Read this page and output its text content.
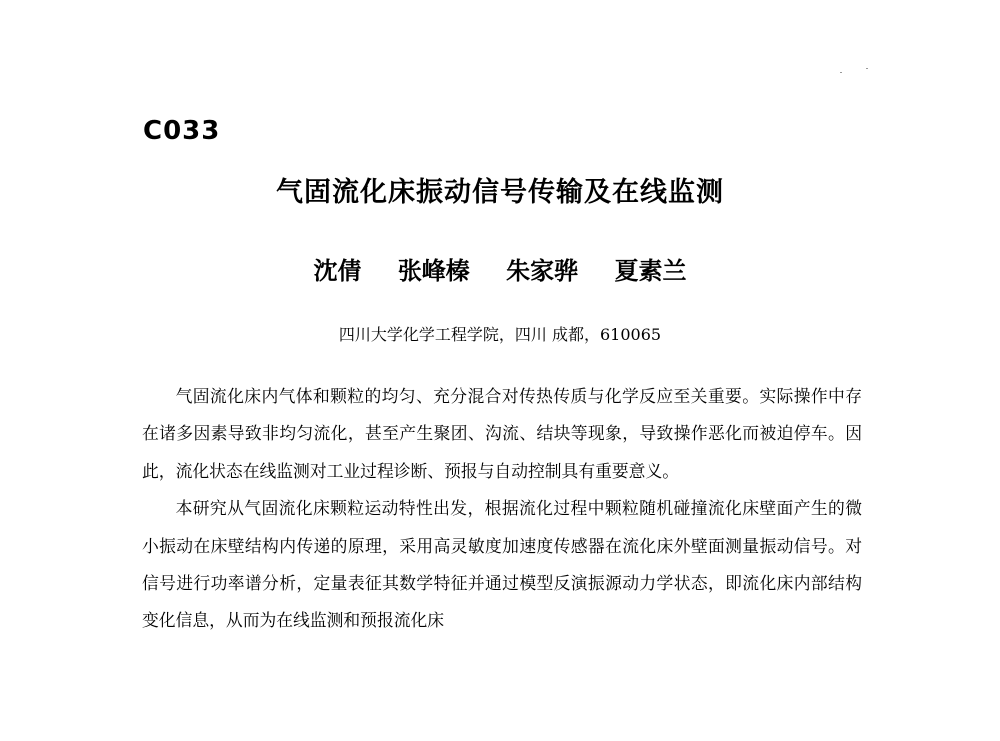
C033
气固流化床振动信号传输及在线监测
沈倩 张峰榛 朱家骅 夏素兰
四川大学化学工程学院，四川 成都，610065

气固流化床内气体和颗粒的均匀、充分混合对传热传质与化学反应至关重要。实际操作中存在诸多因素导致非均匀流化，甚至产生聚团、沟流、结块等现象，导致操作恶化而被迫停车。因此，流化状态在线监测对工业过程诊断、预报与自动控制具有重要意义。

本研究从气固流化床颗粒运动特性出发，根据流化过程中颗粒随机碰撞流化床壁面产生的微小振动在床壁结构内传递的原理，采用高灵敏度加速度传感器在流化床外壁面测量振动信号。对信号进行功率谱分析，定量表征其数学特征并通过模型反演振源动力学状态，即流化床内部结构变化信息，从而为在线监测和预报流化床
